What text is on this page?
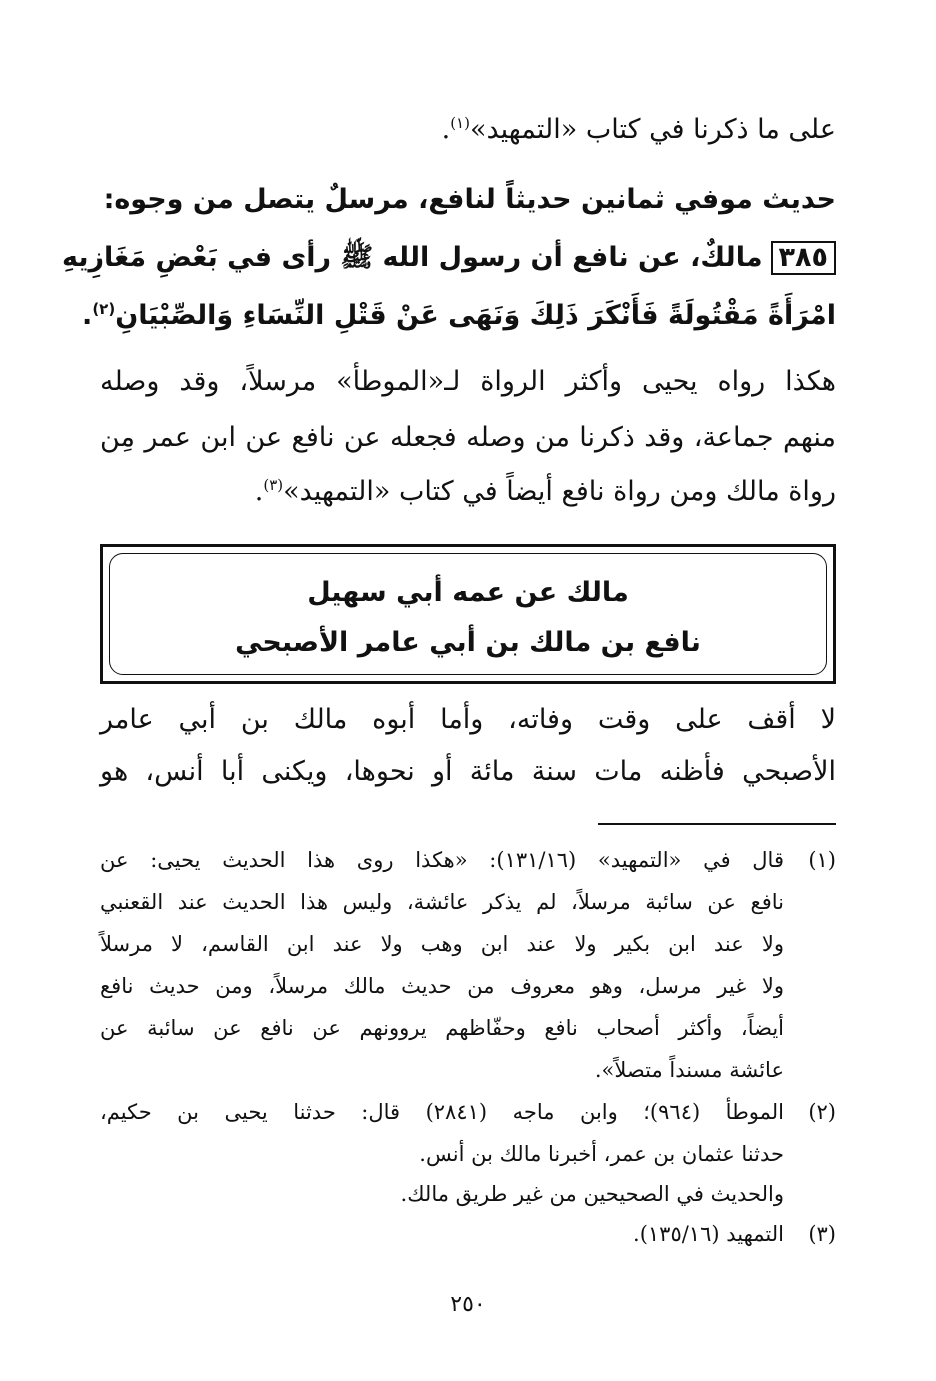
على ما ذكرنا في كتاب «التمهيد»$^{(١)}$.
حديث موفي ثمانين حديثاً لنافع، مرسلٌ يتصل من وجوه:
٣٨٥مالكٌ، عن نافع أن رسول الله ﷺ رأى في بَعْضِ مَغَازِيهِ
امْرَأَةً مَقْتُولَةً فَأَنْكَرَ ذَلِكَ وَنَهَى عَنْ قَتْلِ النِّسَاءِ وَالصِّبْيَانِ$^{(٢)}$.
هكذا رواه يحيى وأكثر الرواة لـ«الموطأ» مرسلاً، وقد وصله
منهم جماعة، وقد ذكرنا من وصله فجعله عن نافع عن ابن عمر مِن
رواة مالك ومن رواة نافع أيضاً في كتاب «التمهيد»$^{(٣)}$.
مالك عن عمه أبي سهيل
نافع بن مالك بن أبي عامر الأصبحي
لا أقف على وقت وفاته، وأما أبوه مالك بن أبي عامر
الأصبحي فأظنه مات سنة مائة أو نحوها، ويكنى أبا أنس، هو
(١)
قال في «التمهيد» (١٣١/١٦): «هكذا روى هذا الحديث يحيى: عن
نافع عن سائبة مرسلاً، لم يذكر عائشة، وليس هذا الحديث عند القعنبي
ولا عند ابن بكير ولا عند ابن وهب ولا عند ابن القاسم، لا مرسلاً
ولا غير مرسل، وهو معروف من حديث مالك مرسلاً، ومن حديث نافع
أيضاً، وأكثر أصحاب نافع وحفّاظهم يروونهم عن نافع عن سائبة عن
عائشة مسنداً متصلاً».
(٢)
الموطأ (٩٦٤)؛ وابن ماجه (٢٨٤١) قال: حدثنا يحيى بن حكيم،
حدثنا عثمان بن عمر، أخبرنا مالك بن أنس.
والحديث في الصحيحين من غير طريق مالك.
(٣)
التمهيد (١٣٥/١٦).
٢٥٠
